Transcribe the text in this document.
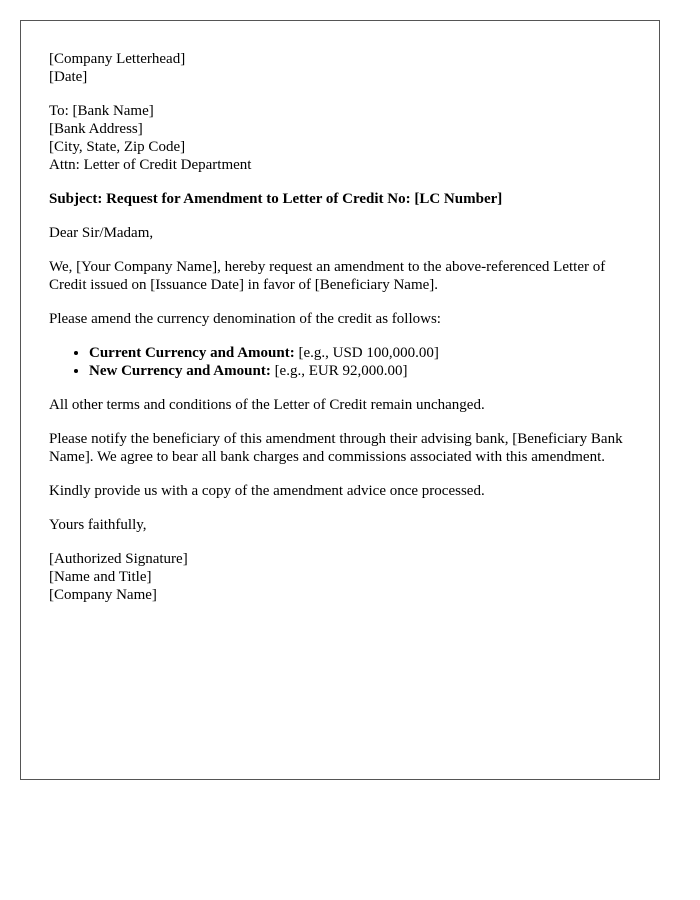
[Company Letterhead]
[Date]
To: [Bank Name]
[Bank Address]
[City, State, Zip Code]
Attn: Letter of Credit Department

Subject: Request for Amendment to Letter of Credit No: [LC Number]

Dear Sir/Madam,

We, [Your Company Name], hereby request an amendment to the above-referenced Letter of Credit issued on [Issuance Date] in favor of [Beneficiary Name].

Please amend the currency denomination of the credit as follows:

• Current Currency and Amount: [e.g., USD 100,000.00]
• New Currency and Amount: [e.g., EUR 92,000.00]

All other terms and conditions of the Letter of Credit remain unchanged.

Please notify the beneficiary of this amendment through their advising bank, [Beneficiary Bank Name]. We agree to bear all bank charges and commissions associated with this amendment.

Kindly provide us with a copy of the amendment advice once processed.

Yours faithfully,

[Authorized Signature]
[Name and Title]
[Company Name]
